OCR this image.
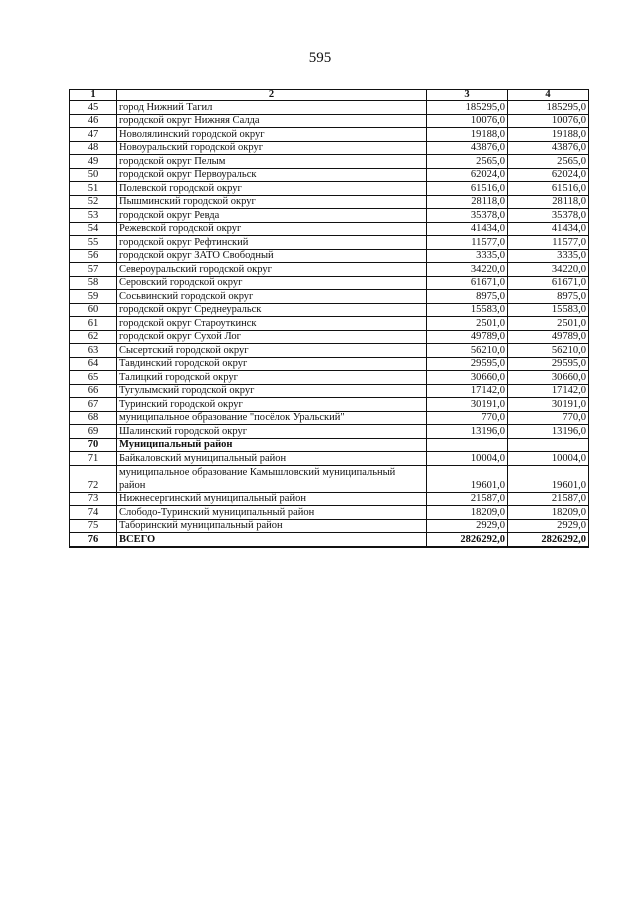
595
1	2	3	4
45	город Нижний Тагил	185295,0	185295,0
46	городской округ Нижняя Салда	10076,0	10076,0
47	Новолялинский городской округ	19188,0	19188,0
48	Новоуральский городской округ	43876,0	43876,0
49	городской округ Пелым	2565,0	2565,0
50	городской округ Первоуральск	62024,0	62024,0
51	Полевской городской округ	61516,0	61516,0
52	Пышминский городской округ	28118,0	28118,0
53	городской округ Ревда	35378,0	35378,0
54	Режевской городской округ	41434,0	41434,0
55	городской округ Рефтинский	11577,0	11577,0
56	городской округ ЗАТО Свободный	3335,0	3335,0
57	Североуральский городской округ	34220,0	34220,0
58	Серовский городской округ	61671,0	61671,0
59	Сосьвинский городской округ	8975,0	8975,0
60	городской округ Среднеуральск	15583,0	15583,0
61	городской округ Староуткинск	2501,0	2501,0
62	городской округ Сухой Лог	49789,0	49789,0
63	Сысертский городской округ	56210,0	56210,0
64	Тавдинский городской округ	29595,0	29595,0
65	Талицкий городской округ	30660,0	30660,0
66	Тугулымский городской округ	17142,0	17142,0
67	Туринский городской округ	30191,0	30191,0
68	муниципальное образование "посёлок Уральский"	770,0	770,0
69	Шалинский городской округ	13196,0	13196,0
70	Муниципальный район		
71	Байкаловский муниципальный район	10004,0	10004,0
72	муниципальное образование Камышловский муниципальный район	19601,0	19601,0
73	Нижнесергинский муниципальный район	21587,0	21587,0
74	Слободо-Туринский муниципальный район	18209,0	18209,0
75	Таборинский муниципальный район	2929,0	2929,0
76	ВСЕГО	2826292,0	2826292,0
